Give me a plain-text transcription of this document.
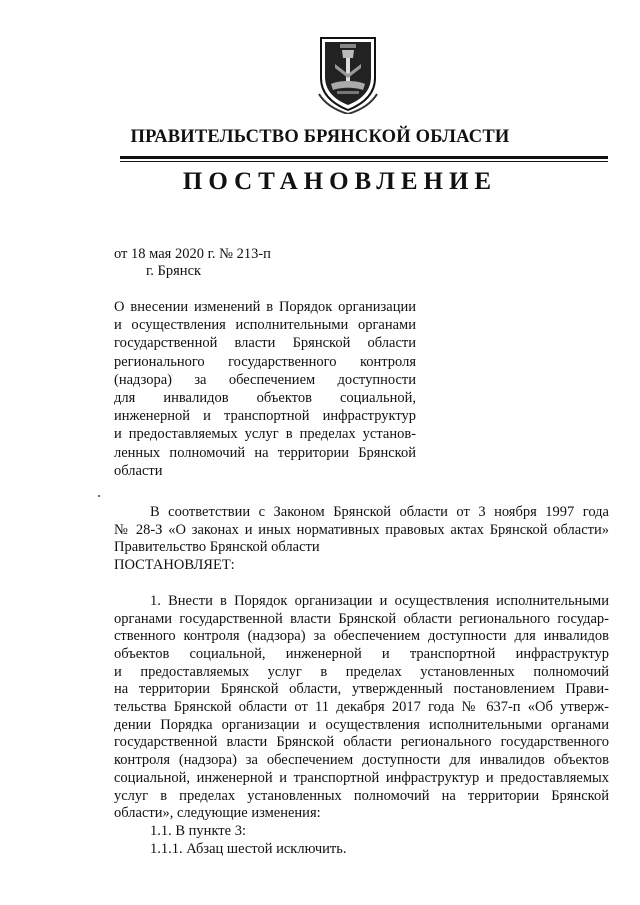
ПРАВИТЕЛЬСТВО БРЯНСКОЙ ОБЛАСТИ
ПОСТАНОВЛЕНИЕ
от 18 мая 2020 г. № 213-п
г. Брянск
О внесении изменений в Порядок организации
и осуществления исполнительными органами
государственной власти Брянской области
регионального государственного контроля
(надзора) за обеспечением доступности
для инвалидов объектов социальной,
инженерной и транспортной инфраструктур
и предоставляемых услуг в пределах установ-
ленных полномочий на территории Брянской
области
В соответствии с Законом Брянской области от 3 ноября 1997 года
№ 28-З «О законах и иных нормативных правовых актах Брянской области»
Правительство Брянской области
ПОСТАНОВЛЯЕТ:
1. Внести в Порядок организации и осуществления исполнительными
органами государственной власти Брянской области регионального государ-
ственного контроля (надзора) за обеспечением доступности для инвалидов
объектов социальной, инженерной и транспортной инфраструктур
и предоставляемых услуг в пределах установленных полномочий
на территории Брянской области, утвержденный постановлением Прави-
тельства Брянской области от 11 декабря 2017 года № 637-п «Об утверж-
дении Порядка организации и осуществления исполнительными органами
государственной власти Брянской области регионального государственного
контроля (надзора) за обеспечением доступности для инвалидов объектов
социальной, инженерной и транспортной инфраструктур и предоставляемых
услуг в пределах установленных полномочий на территории Брянской
области», следующие изменения:
1.1. В пункте 3:
1.1.1. Абзац шестой исключить.
